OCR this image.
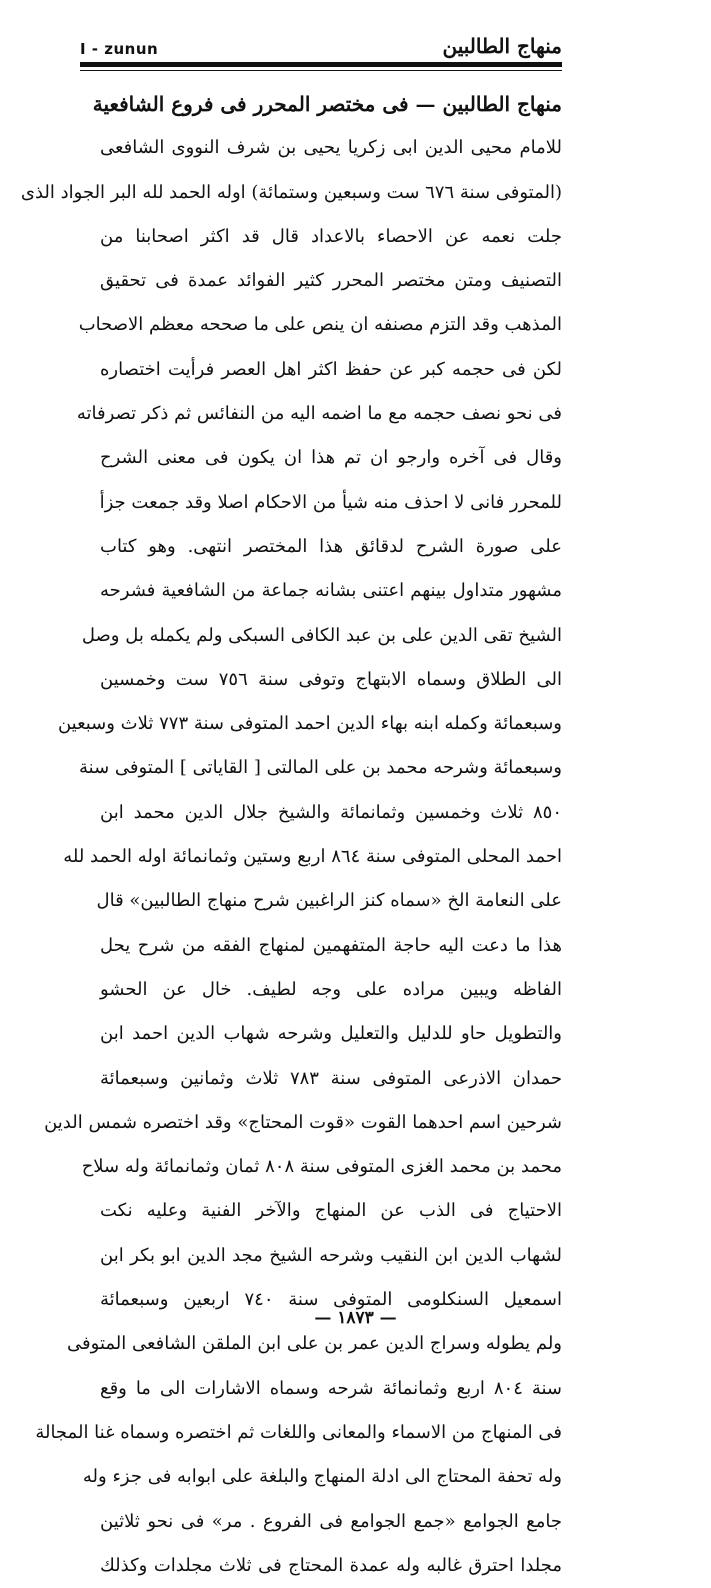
I - zunun	منهاج الطالبين
منهاج الطالبين — فى مختصر المحرر فى فروع الشافعية
للامام محيى الدين ابى زكريا يحيى بن شرف النووى الشافعى
(المتوفى سنة ٦٧٦ ست وسبعين وستمائة) اوله الحمد لله البر الجواد الذى
جلت نعمه عن الاحصاء بالاعداد قال قد اكثر اصحابنا من
التصنيف ومتن مختصر المحرر كثير الفوائد عمدة فى تحقيق
المذهب وقد التزم مصنفه ان ينص على ما صححه معظم الاصحاب
لكن فى حجمه كبر عن حفظ اكثر اهل العصر فرأيت اختصاره
فى نحو نصف حجمه مع ما اضمه اليه من النفائس ثم ذكر تصرفاته
وقال فى آخره وارجو ان تم هذا ان يكون فى معنى الشرح
للمحرر فانى لا احذف منه شيأ من الاحكام اصلا وقد جمعت جزأ
على صورة الشرح لدقائق هذا المختصر انتهى. وهو كتاب
مشهور متداول بينهم اعتنى بشانه جماعة من الشافعية فشرحه
الشيخ تقى الدين على بن عبد الكافى السبكى ولم يكمله بل وصل
الى الطلاق وسماه الابتهاج وتوفى سنة ٧٥٦ ست وخمسين
وسبعمائة وكمله ابنه بهاء الدين احمد المتوفى سنة ٧٧٣ ثلاث وسبعين
وسبعمائة وشرحه محمد بن على المالتى [ القاياتى ] المتوفى سنة
٨٥٠ ثلاث وخمسين وثمانمائة والشيخ جلال الدين محمد ابن
احمد المحلى المتوفى سنة ٨٦٤ اربع وستين وثمانمائة اوله الحمد لله
على النعامة الخ «سماه كنز الراغبين شرح منهاج الطالبين» قال
هذا ما دعت اليه حاجة المتفهمين لمنهاج الفقه من شرح يحل
الفاظه ويبين مراده على وجه لطيف. خال عن الحشو
والتطويل حاو للدليل والتعليل وشرحه شهاب الدين احمد ابن
حمدان الاذرعى المتوفى سنة ٧٨٣ ثلاث وثمانين وسبعمائة
شرحين اسم احدهما القوت «قوت المحتاج» وقد اختصره شمس الدين
محمد بن محمد الغزى المتوفى سنة ٨٠٨ ثمان وثمانمائة وله سلاح
الاحتياج فى الذب عن المنهاج والآخر الفنية وعليه نكت
لشهاب الدين ابن النقيب وشرحه الشيخ مجد الدين ابو بكر ابن
اسمعيل السنكلومى المتوفى سنة ٧٤٠ اربعين وسبعمائة
ولم يطوله وسراج الدين عمر بن على ابن الملقن الشافعى المتوفى
سنة ٨٠٤ اربع وثمانمائة شرحه وسماه الاشارات الى ما وقع
فى المنهاج من الاسماء والمعانى واللغات ثم اختصره وسماه غنا المجالة
وله تحفة المحتاج الى ادلة المنهاج والبلغة على ابوابه فى جزء وله
جامع الجوامع «جمع الجوامع فى الفروع . مر» فى نحو ثلاثين
مجلدا احترق غالبه وله عمدة المحتاج فى ثلاث مجلدات وكذلك
— ١٨٧٣ —
